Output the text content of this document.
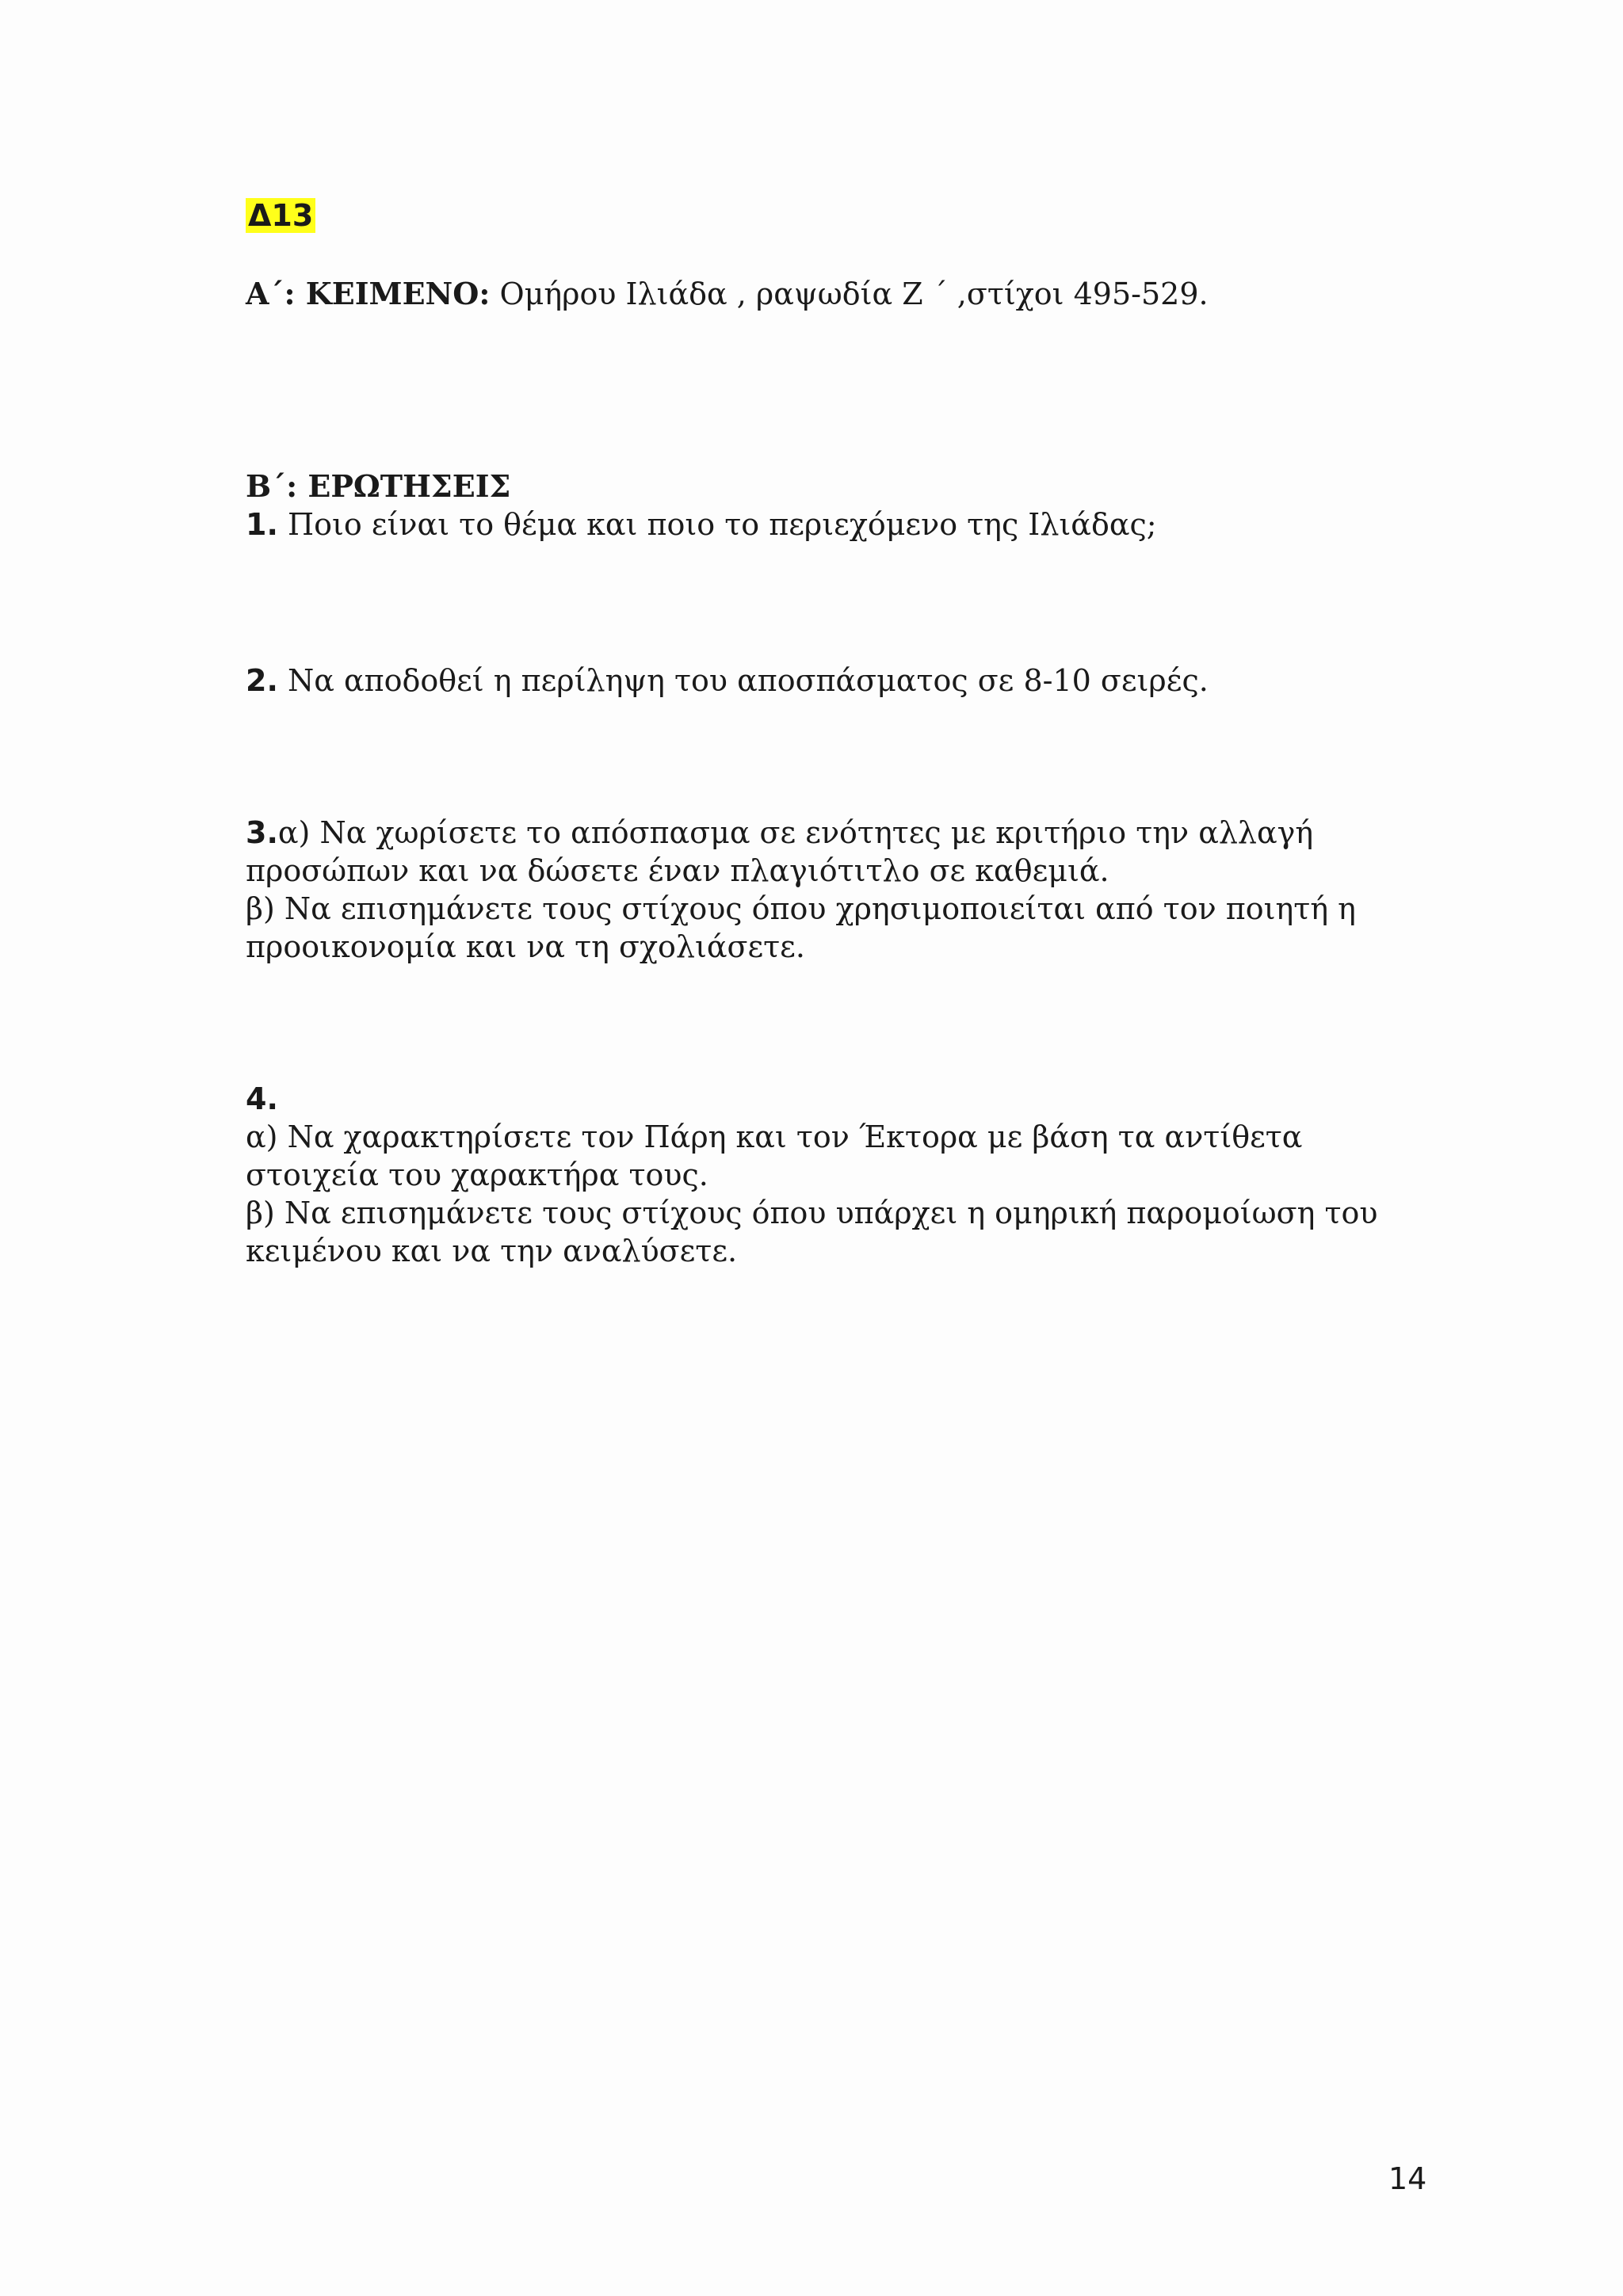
Δ13
Α΄: ΚΕΙΜΕΝΟ: Ομήρου Ιλιάδα , ραψωδία Ζ ΄ ,στίχοι 495-529.
Β΄: ΕΡΩΤΗΣΕΙΣ
1. Ποιο είναι το θέμα και ποιο το περιεχόμενο της Ιλιάδας;
2. Να αποδοθεί η περίληψη του αποσπάσματος σε 8-10 σειρές.
3.α) Να χωρίσετε το απόσπασμα σε ενότητες με κριτήριο την αλλαγή
προσώπων και να δώσετε έναν πλαγιότιτλο σε καθεμιά.
β) Να επισημάνετε τους στίχους όπου χρησιμοποιείται από τον ποιητή η
προοικονομία και να τη σχολιάσετε.
4.
α) Να χαρακτηρίσετε τον Πάρη και τον Έκτορα με βάση τα αντίθετα
στοιχεία του χαρακτήρα τους.
β) Να επισημάνετε τους στίχους όπου υπάρχει η ομηρική παρομοίωση του
κειμένου και να την αναλύσετε.
14
